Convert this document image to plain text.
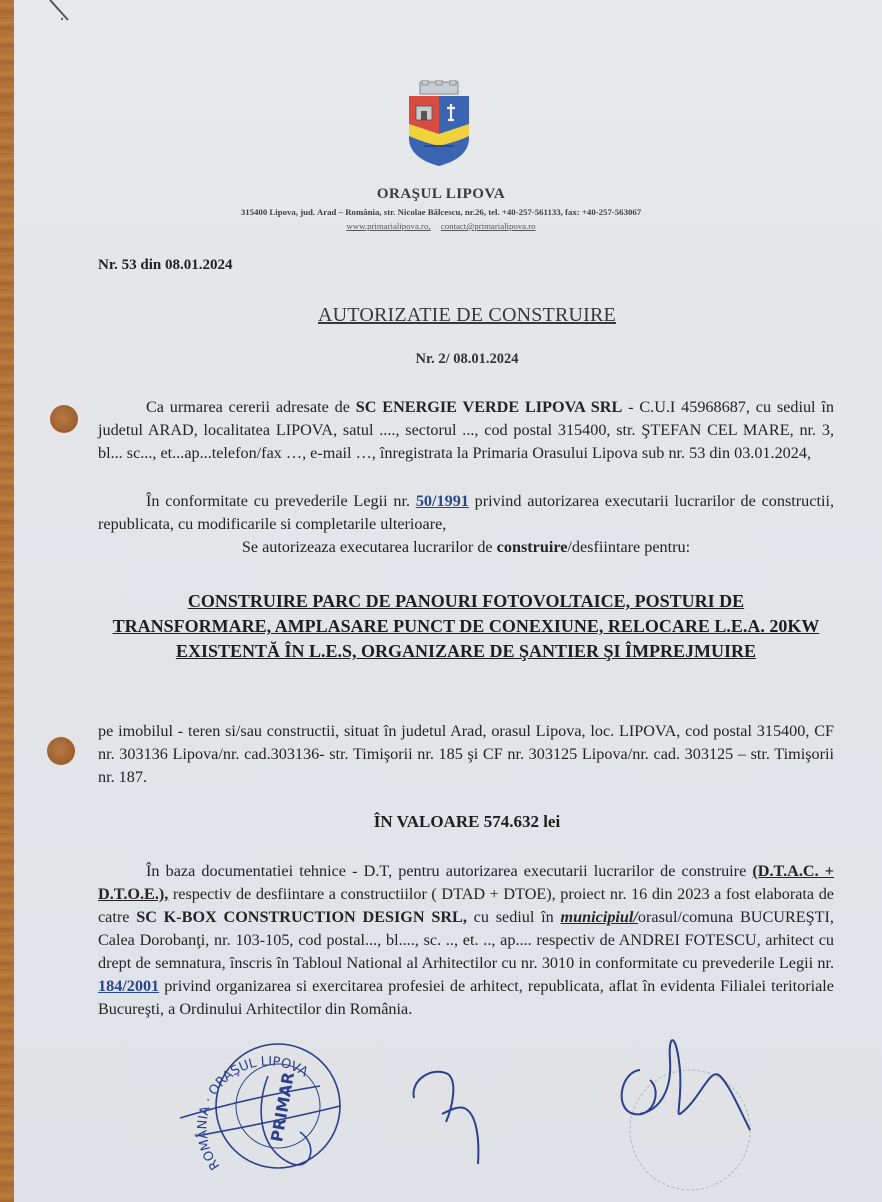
ORAŞUL LIPOVA
315400 Lipova, jud. Arad – România, str. Nicolae Bălcescu, nr.26, tel. +40-257-561133, fax: +40-257-563067
www.primarialipova.ro, contact@primarialipova.ro
Nr. 53 din 08.01.2024
AUTORIZATIE DE CONSTRUIRE
Nr. 2/ 08.01.2024

Ca urmarea cererii adresate de SC ENERGIE VERDE LIPOVA SRL - C.U.I 45968687, cu sediul în judetul ARAD, localitatea LIPOVA, satul ...., sectorul ..., cod postal 315400, str. ŞTEFAN CEL MARE, nr. 3, bl... sc..., et...ap...telefon/fax …, e-mail …, înregistrata la Primaria Orasului Lipova sub nr. 53 din 03.01.2024,

În conformitate cu prevederile Legii nr. 50/1991 privind autorizarea executarii lucrarilor de constructii, republicata, cu modificarile si completarile ulterioare,

Se autorizeaza executarea lucrarilor de construire/desfiintare pentru:

CONSTRUIRE PARC DE PANOURI FOTOVOLTAICE, POSTURI DE TRANSFORMARE, AMPLASARE PUNCT DE CONEXIUNE, RELOCARE L.E.A. 20KW EXISTENTĂ ÎN L.E.S, ORGANIZARE DE ŞANTIER ŞI ÎMPREJMUIRE

pe imobilul - teren si/sau constructii, situat în judetul Arad, orasul Lipova, loc. LIPOVA, cod postal 315400, CF nr. 303136 Lipova/nr. cad.303136- str. Timişorii nr. 185 şi CF nr. 303125 Lipova/nr. cad. 303125 – str. Timişorii nr. 187.

ÎN VALOARE 574.632 lei

În baza documentatiei tehnice - D.T, pentru autorizarea executarii lucrarilor de construire (D.T.A.C. + D.T.O.E.), respectiv de desfiintare a constructiilor ( DTAD + DTOE), proiect nr. 16 din 2023 a fost elaborata de catre SC K-BOX CONSTRUCTION DESIGN SRL, cu sediul în municipiul/orasul/comuna BUCUREŞTI, Calea Dorobanţi, nr. 103-105, cod postal..., bl...., sc. .., et. .., ap.... respectiv de ANDREI FOTESCU, arhitect cu drept de semnatura, înscris în Tabloul National al Arhitectilor cu nr. 3010 in conformitate cu prevederile Legii nr. 184/2001 privind organizarea si exercitarea profesiei de arhitect, republicata, aflat în evidenta Filialei teritoriale Bucureşti, a Ordinului Arhitectilor din România.

ROMÂNIA · ORAŞUL LIPOVA
PRIMAR
